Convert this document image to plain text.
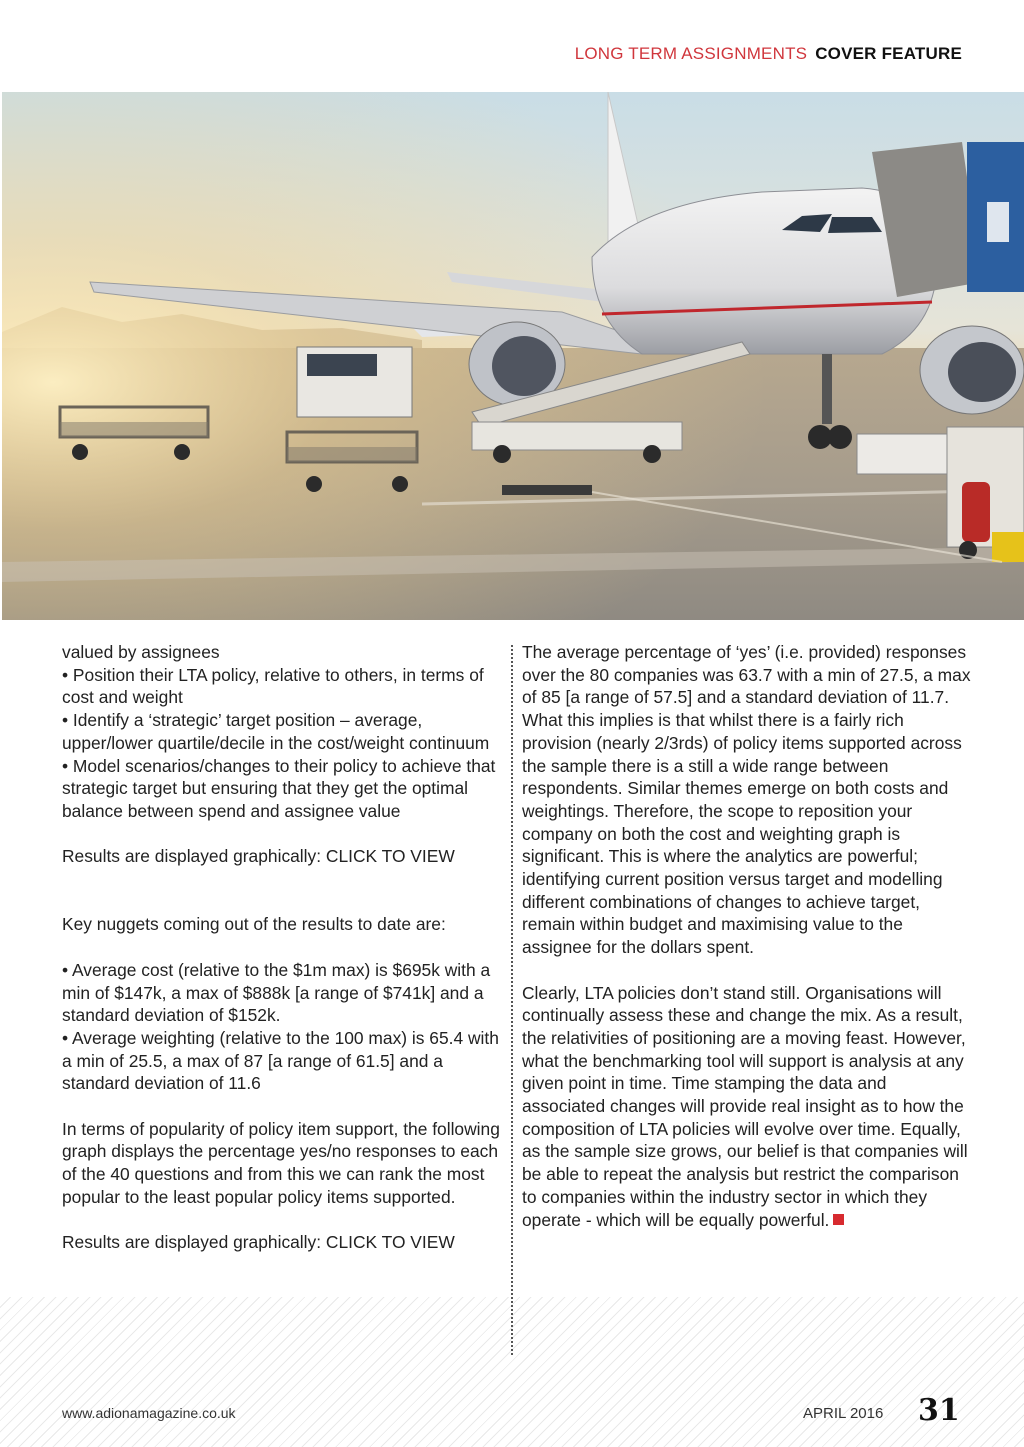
LONG TERM ASSIGNMENTS COVER FEATURE

valued by assignees

• Position their LTA policy, relative to others, in terms of cost and weight

• Identify a ‘strategic’ target position – average, upper/lower quartile/decile in the cost/weight continuum

• Model scenarios/changes to their policy to achieve that strategic target but ensuring that they get the optimal balance between spend and assignee value

Results are displayed graphically: CLICK TO VIEW

Key nuggets coming out of the results to date are:

• Average cost (relative to the $1m max) is $695k with a min of $147k, a max of $888k [a range of $741k] and a standard deviation of $152k.

• Average weighting (relative to the 100 max) is 65.4 with a min of 25.5, a max of 87 [a range of 61.5] and a standard deviation of 11.6

In terms of popularity of policy item support, the following graph displays the percentage yes/no responses to each of the 40 questions and from this we can rank the most popular to the least popular policy items supported.

Results are displayed graphically: CLICK TO VIEW

The average percentage of ‘yes’ (i.e. provided) responses over the 80 companies was 63.7 with a min of 27.5, a max of 85 [a range of 57.5] and a standard deviation of 11.7. What this implies is that whilst there is a fairly rich provision (nearly 2/3rds) of policy items supported across the sample there is a still a wide range between respondents. Similar themes emerge on both costs and weightings. Therefore, the scope to reposition your company on both the cost and weighting graph is significant. This is where the analytics are powerful; identifying current position versus target and modelling different combinations of changes to achieve target, remain within budget and maximising value to the assignee for the dollars spent.

Clearly, LTA policies don’t stand still. Organisations will continually assess these and change the mix. As a result, the relativities of positioning are a moving feast. However, what the benchmarking tool will support is analysis at any given point in time. Time stamping the data and associated changes will provide real insight as to how the composition of LTA policies will evolve over time. Equally, as the sample size grows, our belief is that companies will be able to repeat the analysis but restrict the comparison to companies within the industry sector in which they operate - which will be equally powerful.

www.adionamagazine.co.uk	APRIL 2016 31
